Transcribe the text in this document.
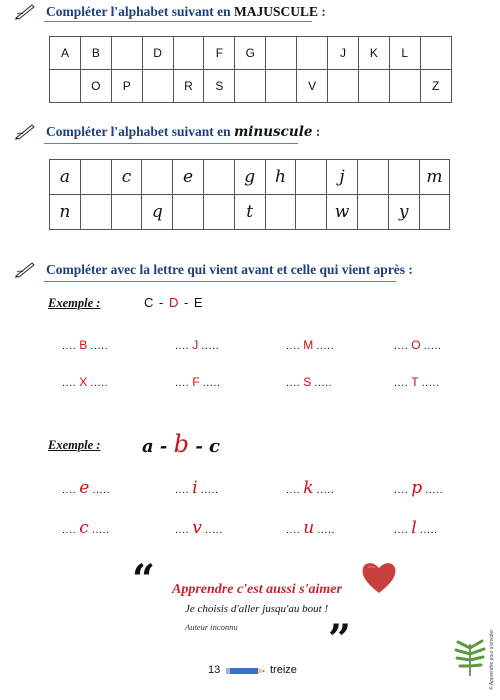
Compléter l'alphabet suivant en MAJUSCULE :
A	B		D		F	G			J	K	L	
	O	P		R	S			V				Z
Compléter l'alphabet suivant en minuscule :
a		c		e		g	h		j			m
n			q			t			w		y	
Compléter avec la lettre qui vient avant et celle qui vient après :
Exemple :	C - D - E
.... B .....	.... J .....	.... M .....	.... O .....
.... X .....	.... F .....	.... S .....	.... T .....
Exemple : a - b - c
.... e .....	.... i .....	.... k .....	.... p .....
.... c .....	.... v .....	.... u .....	.... l .....
“ Apprendre c'est aussi s'aimer
Je choisis d'aller jusqu'au bout !
Auteur inconnu ”	© Apprendre pour s'envoler
13	treize
